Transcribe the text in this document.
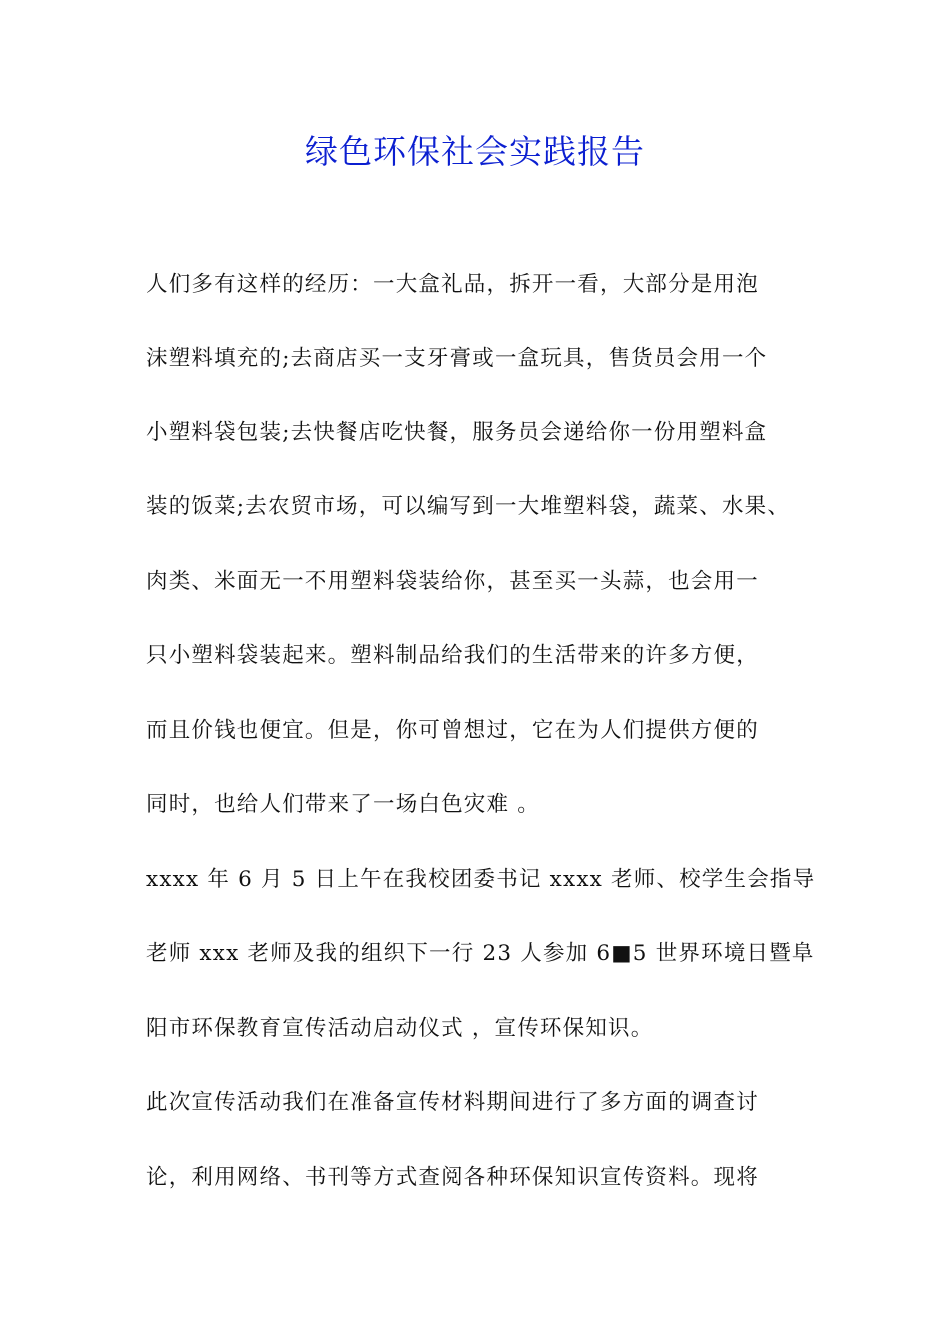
绿色环保社会实践报告
人们多有这样的经历：一大盒礼品，拆开一看，大部分是用泡
沫塑料填充的;去商店买一支牙膏或一盒玩具，售货员会用一个
小塑料袋包装;去快餐店吃快餐，服务员会递给你一份用塑料盒
装的饭菜;去农贸市场，可以编写到一大堆塑料袋，蔬菜、水果、
肉类、米面无一不用塑料袋装给你，甚至买一头蒜，也会用一
只小塑料袋装起来。塑料制品给我们的生活带来的许多方便，
而且价钱也便宜。但是，你可曾想过，它在为人们提供方便的
同时，也给人们带来了一场白色灾难 。
xxxx 年 6 月 5 日上午在我校团委书记 xxxx 老师、校学生会指导
老师 xxx 老师及我的组织下一行 23 人参加 6■5 世界环境日暨阜
阳市环保教育宣传活动启动仪式 ，宣传环保知识。
此次宣传活动我们在准备宣传材料期间进行了多方面的调查讨
论，利用网络、书刊等方式查阅各种环保知识宣传资料。现将
